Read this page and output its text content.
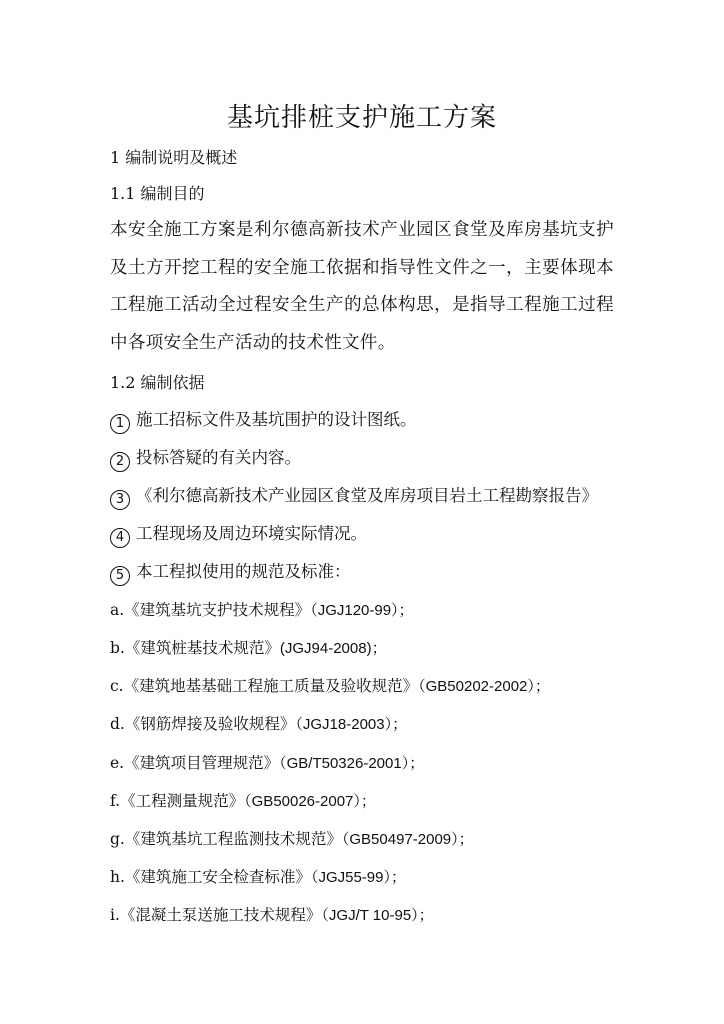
基坑排桩支护施工方案
1 编制说明及概述
1.1 编制目的
本安全施工方案是利尔德高新技术产业园区食堂及库房基坑支护及土方开挖工程的安全施工依据和指导性文件之一，主要体现本工程施工活动全过程安全生产的总体构思，是指导工程施工过程中各项安全生产活动的技术性文件。
1.2 编制依据
1 施工招标文件及基坑围护的设计图纸。
2 投标答疑的有关内容。
3 《利尔德高新技术产业园区食堂及库房项目岩土工程勘察报告》
4 工程现场及周边环境实际情况。
5 本工程拟使用的规范及标准：
a.《建筑基坑支护技术规程》（JGJ120-99）；
b.《建筑桩基技术规范》(JGJ94-2008)；
c.《建筑地基基础工程施工质量及验收规范》（GB50202-2002）；
d.《钢筋焊接及验收规程》（JGJ18-2003）；
e.《建筑项目管理规范》（GB/T50326-2001）；
f.《工程测量规范》（GB50026-2007）；
g.《建筑基坑工程监测技术规范》（GB50497-2009）；
h.《建筑施工安全检查标准》（JGJ55-99）；
i.《混凝土泵送施工技术规程》（JGJ/T 10-95）；
